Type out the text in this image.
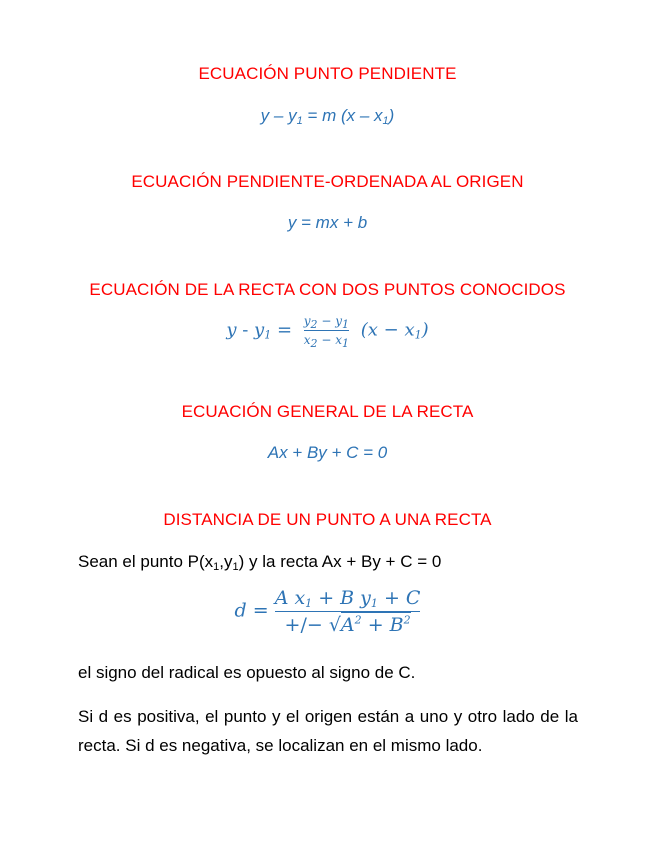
ECUACIÓN PUNTO PENDIENTE
$y - y_1 = m$ $(x - x_1)$
ECUACIÓN PENDIENTE-ORDENADA AL ORIGEN
y = mx + b
ECUACIÓN DE LA RECTA CON DOS PUNTOS CONOCIDOS
$y - y_1 = \frac{y_2 - y_1}{x_2 - x_1} (x - x_1)$
ECUACIÓN GENERAL DE LA RECTA
Ax + By + C = 0
DISTANCIA DE UN PUNTO A UNA RECTA
Sean el punto $P(x_1,y_1)$ y la recta Ax + By + C = 0
$d = \frac{A x_1 + B y_1 + C}{+/- √A^2 + B^2}$
el signo del radical es opuesto al signo de C.
Si d es positiva, el punto y el origen están a uno y otro lado de la recta. Si d es negativa, se localizan en el mismo lado.
